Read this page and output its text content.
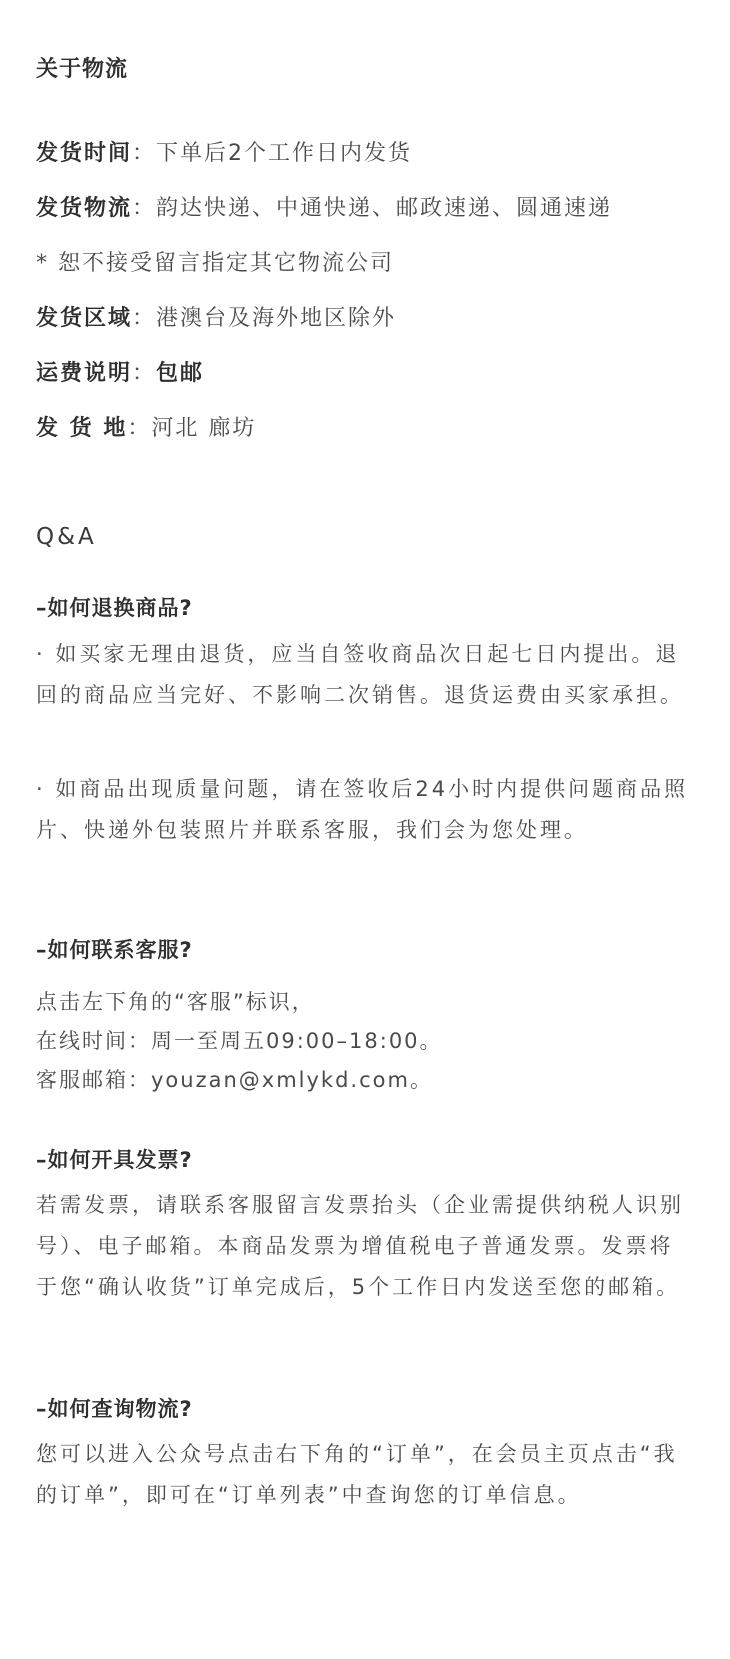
关于物流
发货时间：下单后2个工作日内发货
发货物流：韵达快递、中通快递、邮政速递、圆通速递
* 恕不接受留言指定其它物流公司
发货区域：港澳台及海外地区除外
运费说明：包邮
发 货 地：河北 廊坊
Q&A
–如何退换商品?
· 如买家无理由退货，应当自签收商品次日起七日内提出。退回的商品应当完好、不影响二次销售。退货运费由买家承担。
· 如商品出现质量问题，请在签收后24小时内提供问题商品照片、快递外包装照片并联系客服，我们会为您处理。
–如何联系客服?
点击左下角的“客服”标识，
在线时间：周一至周五09:00–18:00。
客服邮箱：youzan@xmlykd.com。
–如何开具发票?
若需发票，请联系客服留言发票抬头（企业需提供纳税人识别号）、电子邮箱。本商品发票为增值税电子普通发票。发票将于您“确认收货”订单完成后，5个工作日内发送至您的邮箱。
–如何查询物流?
您可以进入公众号点击右下角的“订单”，在会员主页点击“我的订单”，即可在“订单列表”中查询您的订单信息。
